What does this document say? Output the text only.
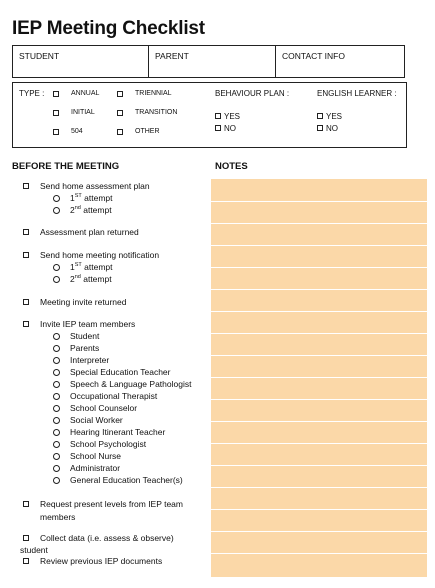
IEP Meeting Checklist
STUDENT	PARENT	CONTACT INFO
TYPE :	ANNUAL	TRIENNIAL
INITIAL	TRANSITION
504	OTHER
BEHAVIOUR PLAN :
YES
NO
ENGLISH LEARNER :
YES
NO
BEFORE THE MEETING	NOTES
Send home assessment plan
1ST attempt
2nd attempt
Assessment plan returned
Send home meeting notification
1ST attempt
2nd attempt
Meeting invite returned
Invite IEP team members
Student
Parents
Interpreter
Special Education Teacher
Speech & Language Pathologist
Occupational Therapist
School Counselor
Social Worker
Hearing Itinerant Teacher
School Psychologist
School Nurse
Administrator
General Education Teacher(s)
Request present levels from IEP team
members
Collect data (i.e. assess & observe)
student
Review previous IEP documents
